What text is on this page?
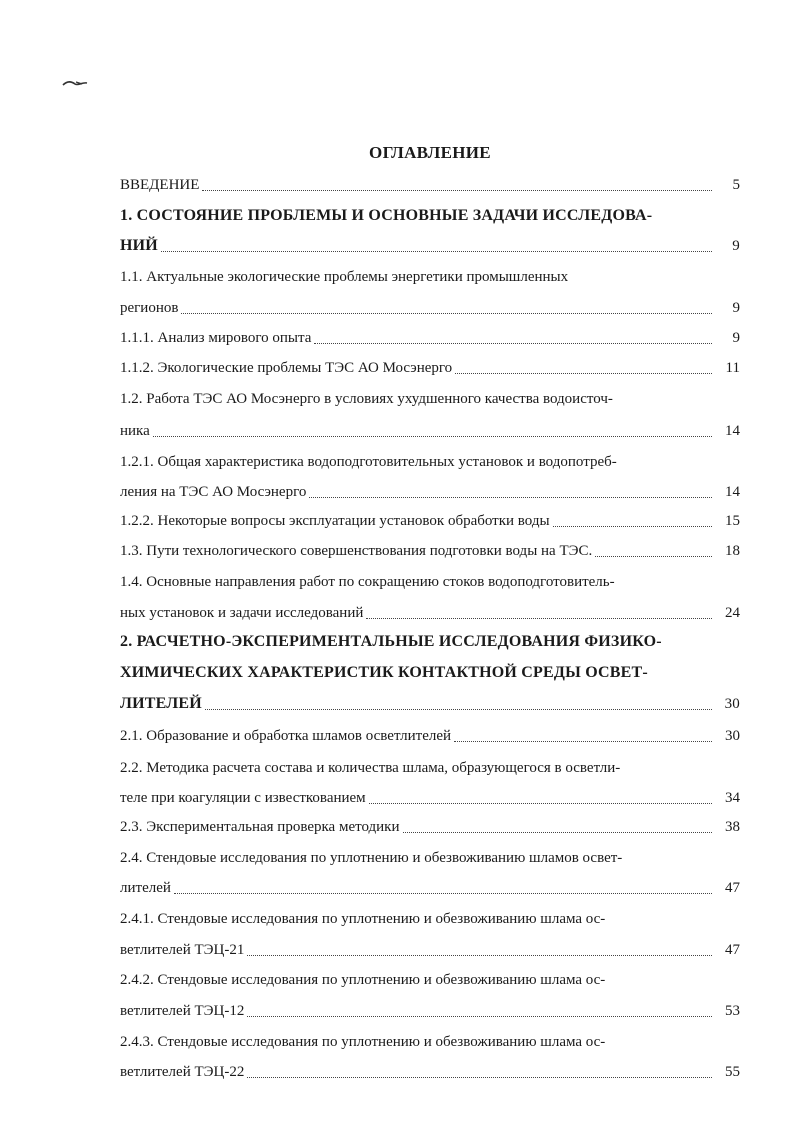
ОГЛАВЛЕНИЕ
ВВЕДЕНИЕ	5
1. СОСТОЯНИЕ ПРОБЛЕМЫ И ОСНОВНЫЕ ЗАДАЧИ ИССЛЕДОВА-
НИЙ	9
1.1. Актуальные экологические проблемы энергетики промышленных
регионов	9
1.1.1. Анализ мирового опыта	9
1.1.2. Экологические проблемы ТЭС АО Мосэнерго	11
1.2. Работа ТЭС АО Мосэнерго в условиях ухудшенного качества водоисточ-
ника	14
1.2.1. Общая характеристика водоподготовительных установок и водопотреб-
ления на ТЭС АО Мосэнерго	14
1.2.2. Некоторые вопросы эксплуатации установок обработки воды	15
1.3. Пути технологического совершенствования подготовки воды на ТЭС.	18
1.4. Основные направления работ по сокращению стоков водоподготовитель-
ных установок и задачи исследований	24
2. РАСЧЕТНО-ЭКСПЕРИМЕНТАЛЬНЫЕ ИССЛЕДОВАНИЯ ФИЗИКО-
ХИМИЧЕСКИХ ХАРАКТЕРИСТИК КОНТАКТНОЙ СРЕДЫ ОСВЕТ-
ЛИТЕЛЕЙ	30
2.1. Образование и обработка шламов осветлителей	30
2.2. Методика расчета состава и количества шлама, образующегося в осветли-
теле при коагуляции с известкованием	34
2.3. Экспериментальная проверка методики	38
2.4. Стендовые исследования по уплотнению и обезвоживанию шламов освет-
лителей	47
2.4.1. Стендовые исследования по уплотнению и обезвоживанию шлама ос-
ветлителей ТЭЦ-21	47
2.4.2. Стендовые исследования по уплотнению и обезвоживанию шлама ос-
ветлителей ТЭЦ-12	53
2.4.3. Стендовые исследования по уплотнению и обезвоживанию шлама ос-
ветлителей ТЭЦ-22	55
